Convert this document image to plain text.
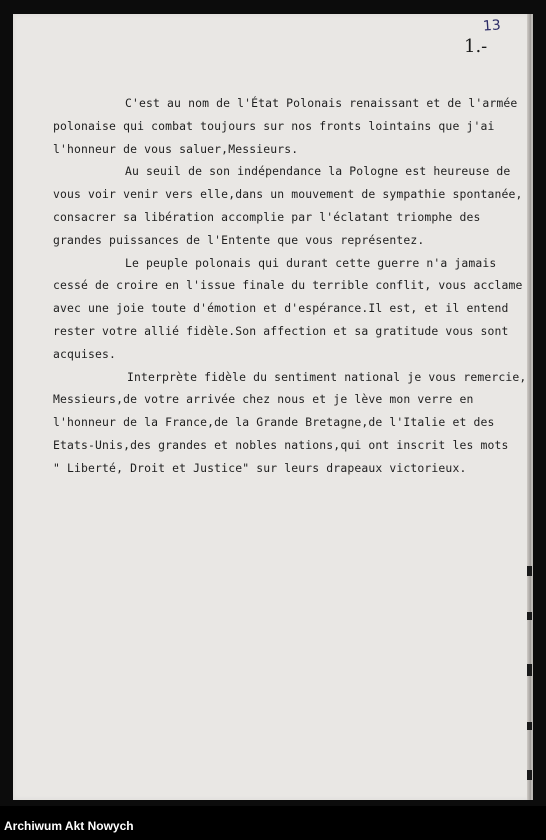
13
1.-
C'est au nom de l'État Polonais renaissant et de l'armée
polonaise qui combat toujours sur nos fronts lointains que j'ai
l'honneur de vous saluer,Messieurs.
Au seuil de son indépendance la Pologne est heureuse de
vous voir venir vers elle,dans un mouvement de sympathie spontanée,
consacrer sa libération accomplie par l'éclatant triomphe des
grandes puissances de l'Entente que vous représentez.
Le peuple polonais qui durant cette guerre n'a jamais
cessé de croire en l'issue finale du terrible conflit, vous acclame
avec une joie toute d'émotion et d'espérance.Il est, et il entend
rester votre allié fidèle.Son affection et sa gratitude vous sont
acquises.
Interprète fidèle du sentiment national je vous remercie,
Messieurs,de votre arrivée chez nous et je lève mon verre en
l'honneur de la France,de la Grande Bretagne,de l'Italie et des
Etats-Unis,des grandes et nobles nations,qui ont inscrit les mots
" Liberté, Droit et Justice" sur leurs drapeaux victorieux.
Archiwum Akt Nowych
